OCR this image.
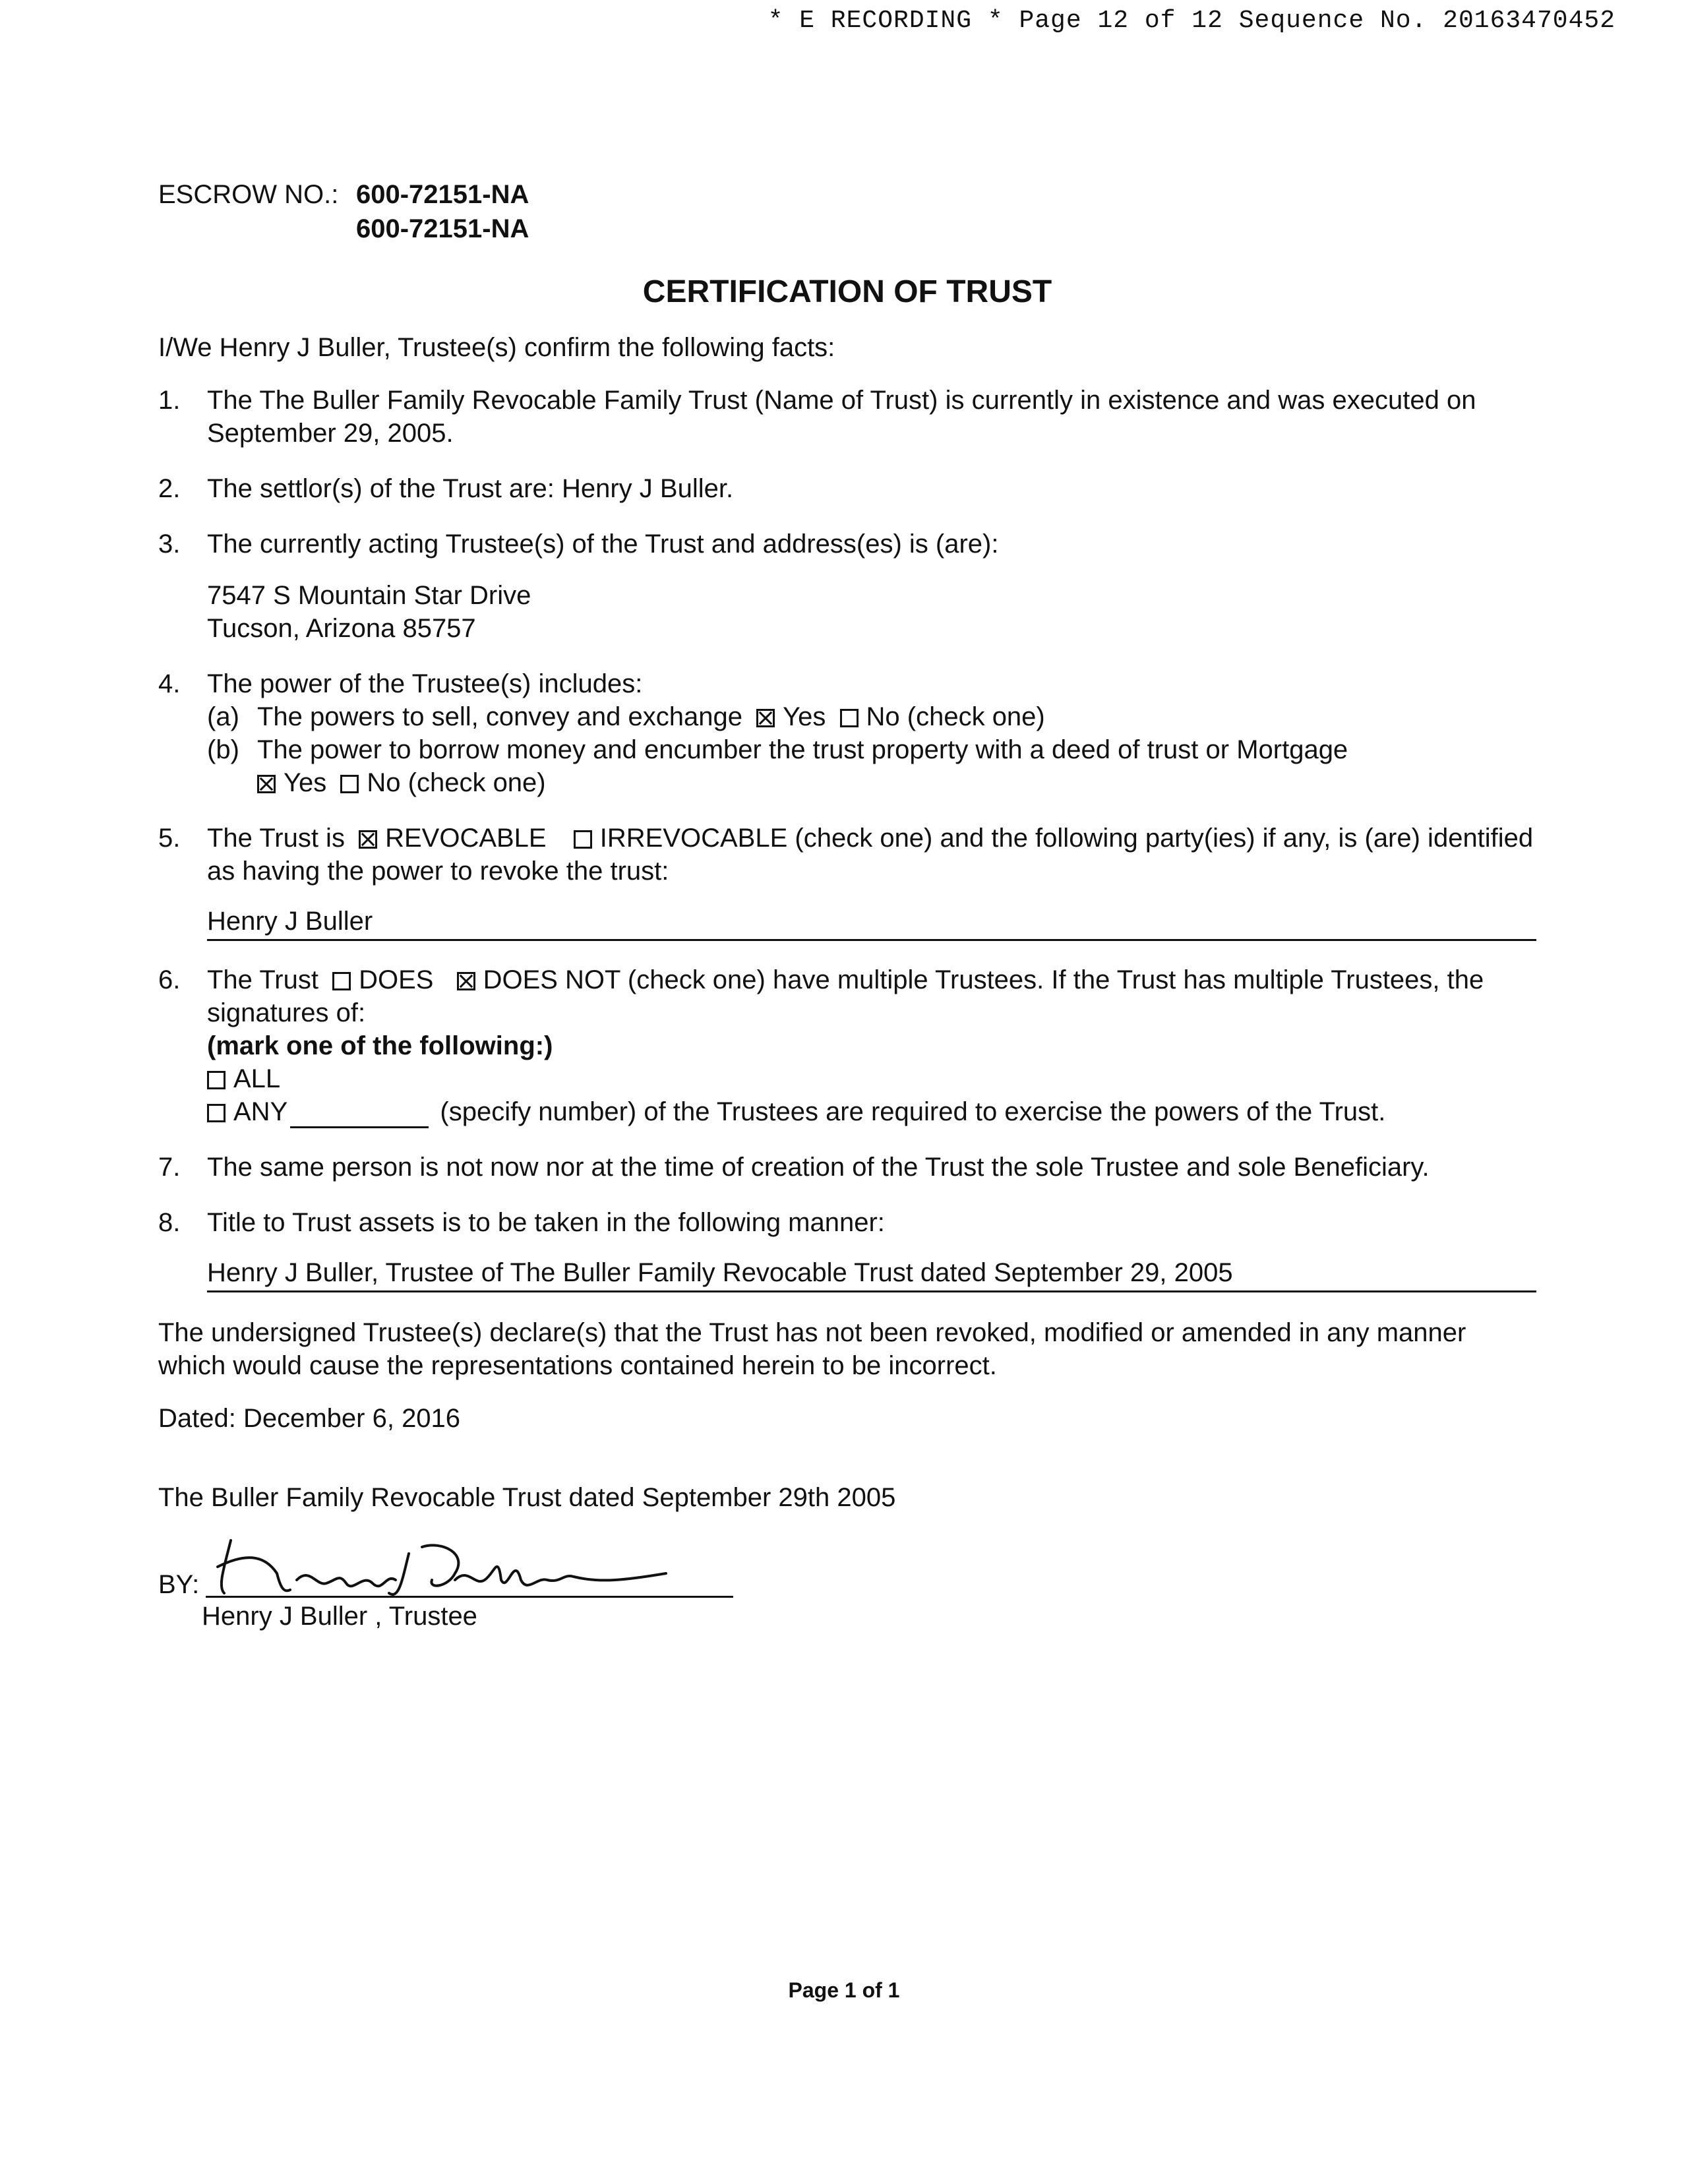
* E RECORDING * Page 12 of 12 Sequence No. 20163470452
ESCROW NO.: 600-72151-NA
600-72151-NA
CERTIFICATION OF TRUST
I/We Henry J Buller, Trustee(s) confirm the following facts:
1. The The Buller Family Revocable Family Trust (Name of Trust) is currently in existence and was executed on September 29, 2005.
2. The settlor(s) of the Trust are: Henry J Buller.
3. The currently acting Trustee(s) of the Trust and address(es) is (are):
7547 S Mountain Star Drive
Tucson, Arizona 85757
4. The power of the Trustee(s) includes:
(a) The powers to sell, convey and exchange Yes No (check one)
(b) The power to borrow money and encumber the trust property with a deed of trust or Mortgage
Yes No (check one)
5. The Trust is REVOCABLE IRREVOCABLE (check one) and the following party(ies) if any, is (are) identified as having the power to revoke the trust:
Henry J Buller
6. The Trust DOES DOES NOT (check one) have multiple Trustees. If the Trust has multiple Trustees, the signatures of:
(mark one of the following:)
ALL
ANY	(specify number) of the Trustees are required to exercise the powers of the Trust.
7. The same person is not now nor at the time of creation of the Trust the sole Trustee and sole Beneficiary.
8. Title to Trust assets is to be taken in the following manner:
Henry J Buller, Trustee of The Buller Family Revocable Trust dated September 29, 2005
The undersigned Trustee(s) declare(s) that the Trust has not been revoked, modified or amended in any manner which would cause the representations contained herein to be incorrect.
Dated: December 6, 2016
The Buller Family Revocable Trust dated September 29th 2005
BY:
Henry J Buller , Trustee
Page 1 of 1
